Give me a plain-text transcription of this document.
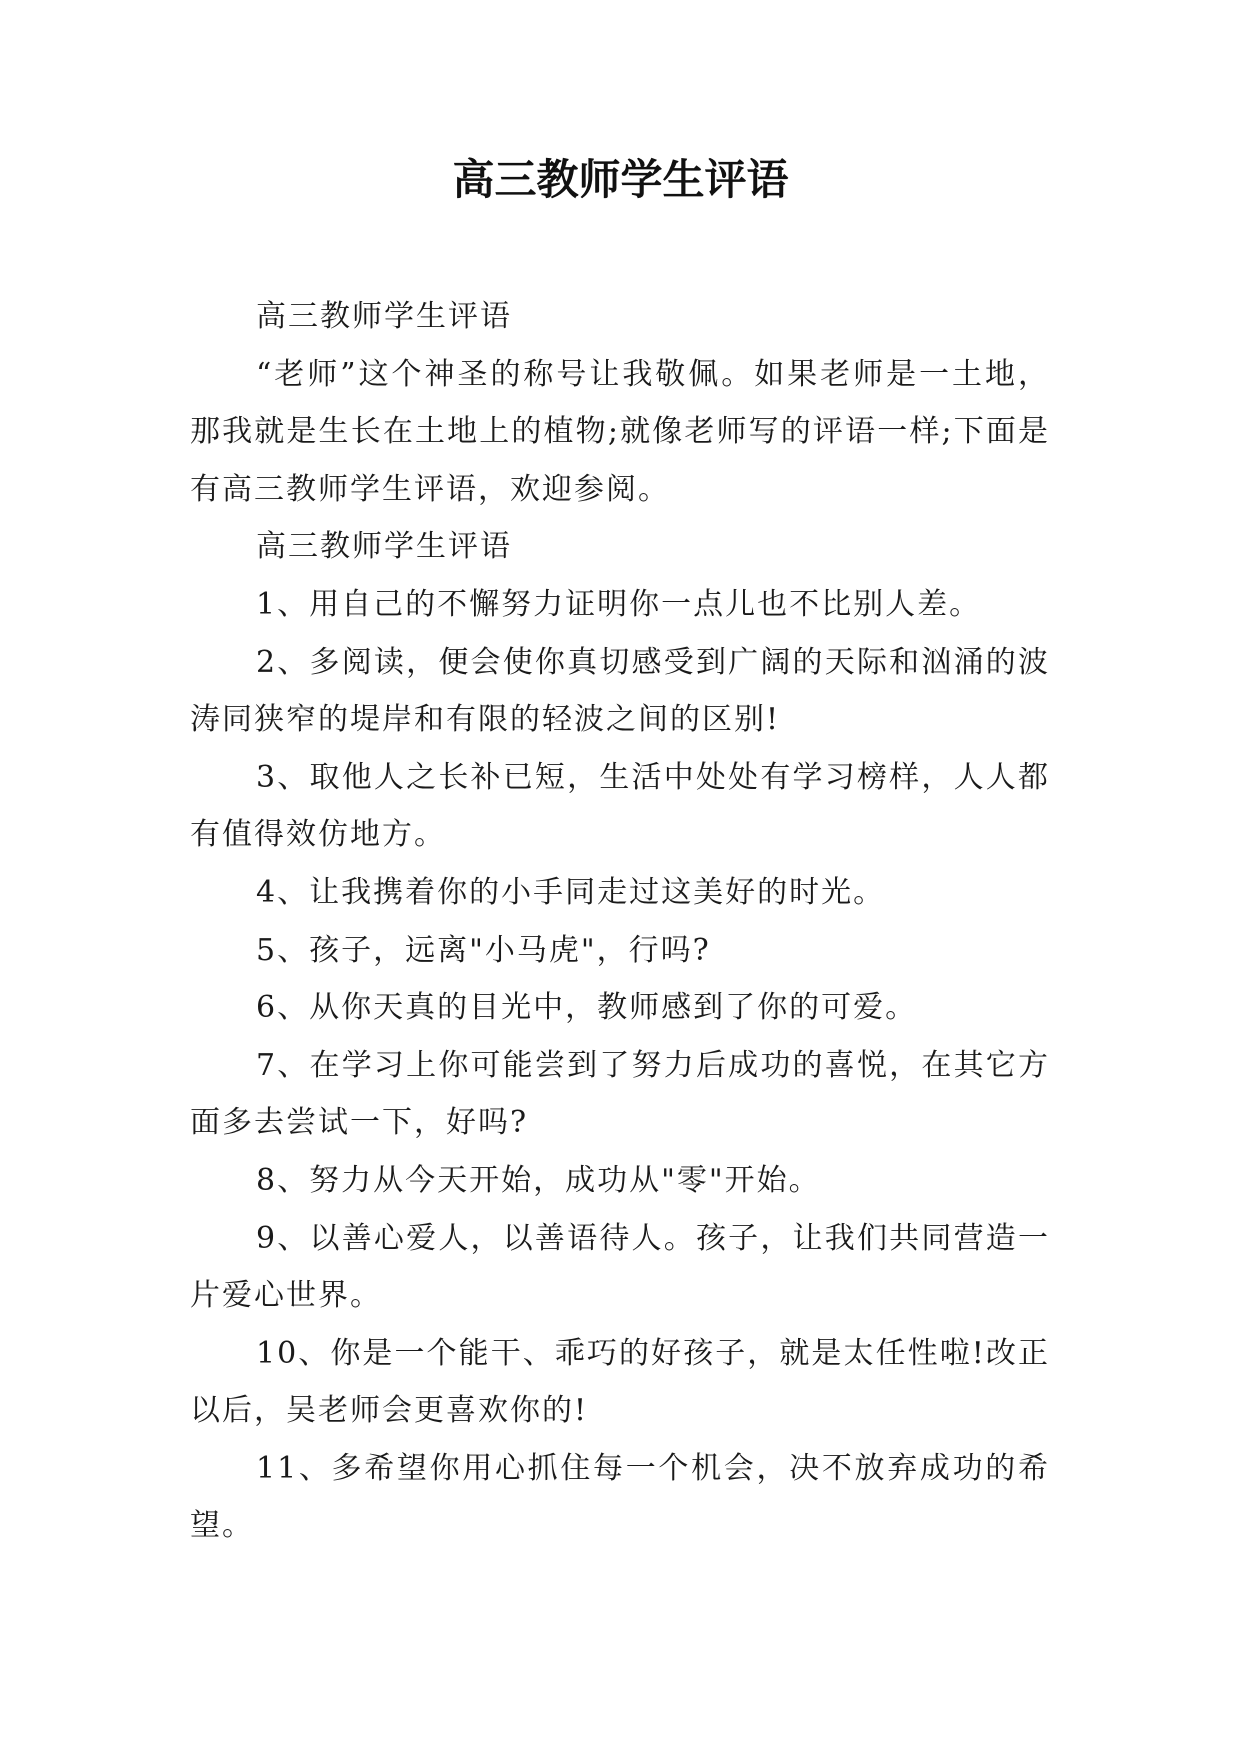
高三教师学生评语

高三教师学生评语

“老师”这个神圣的称号让我敬佩。如果老师是一土地，那我就是生长在土地上的植物;就像老师写的评语一样;下面是有高三教师学生评语，欢迎参阅。

高三教师学生评语

1、用自己的不懈努力证明你一点儿也不比别人差。

2、多阅读，便会使你真切感受到广阔的天际和汹涌的波涛同狭窄的堤岸和有限的轻波之间的区别!

3、取他人之长补已短，生活中处处有学习榜样，人人都有值得效仿地方。

4、让我携着你的小手同走过这美好的时光。

5、孩子，远离"小马虎"，行吗?

6、从你天真的目光中，教师感到了你的可爱。

7、在学习上你可能尝到了努力后成功的喜悦，在其它方面多去尝试一下，好吗?

8、努力从今天开始，成功从"零"开始。

9、以善心爱人，以善语待人。孩子，让我们共同营造一片爱心世界。

10、你是一个能干、乖巧的好孩子，就是太任性啦!改正以后，吴老师会更喜欢你的!

11、多希望你用心抓住每一个机会，决不放弃成功的希望。
